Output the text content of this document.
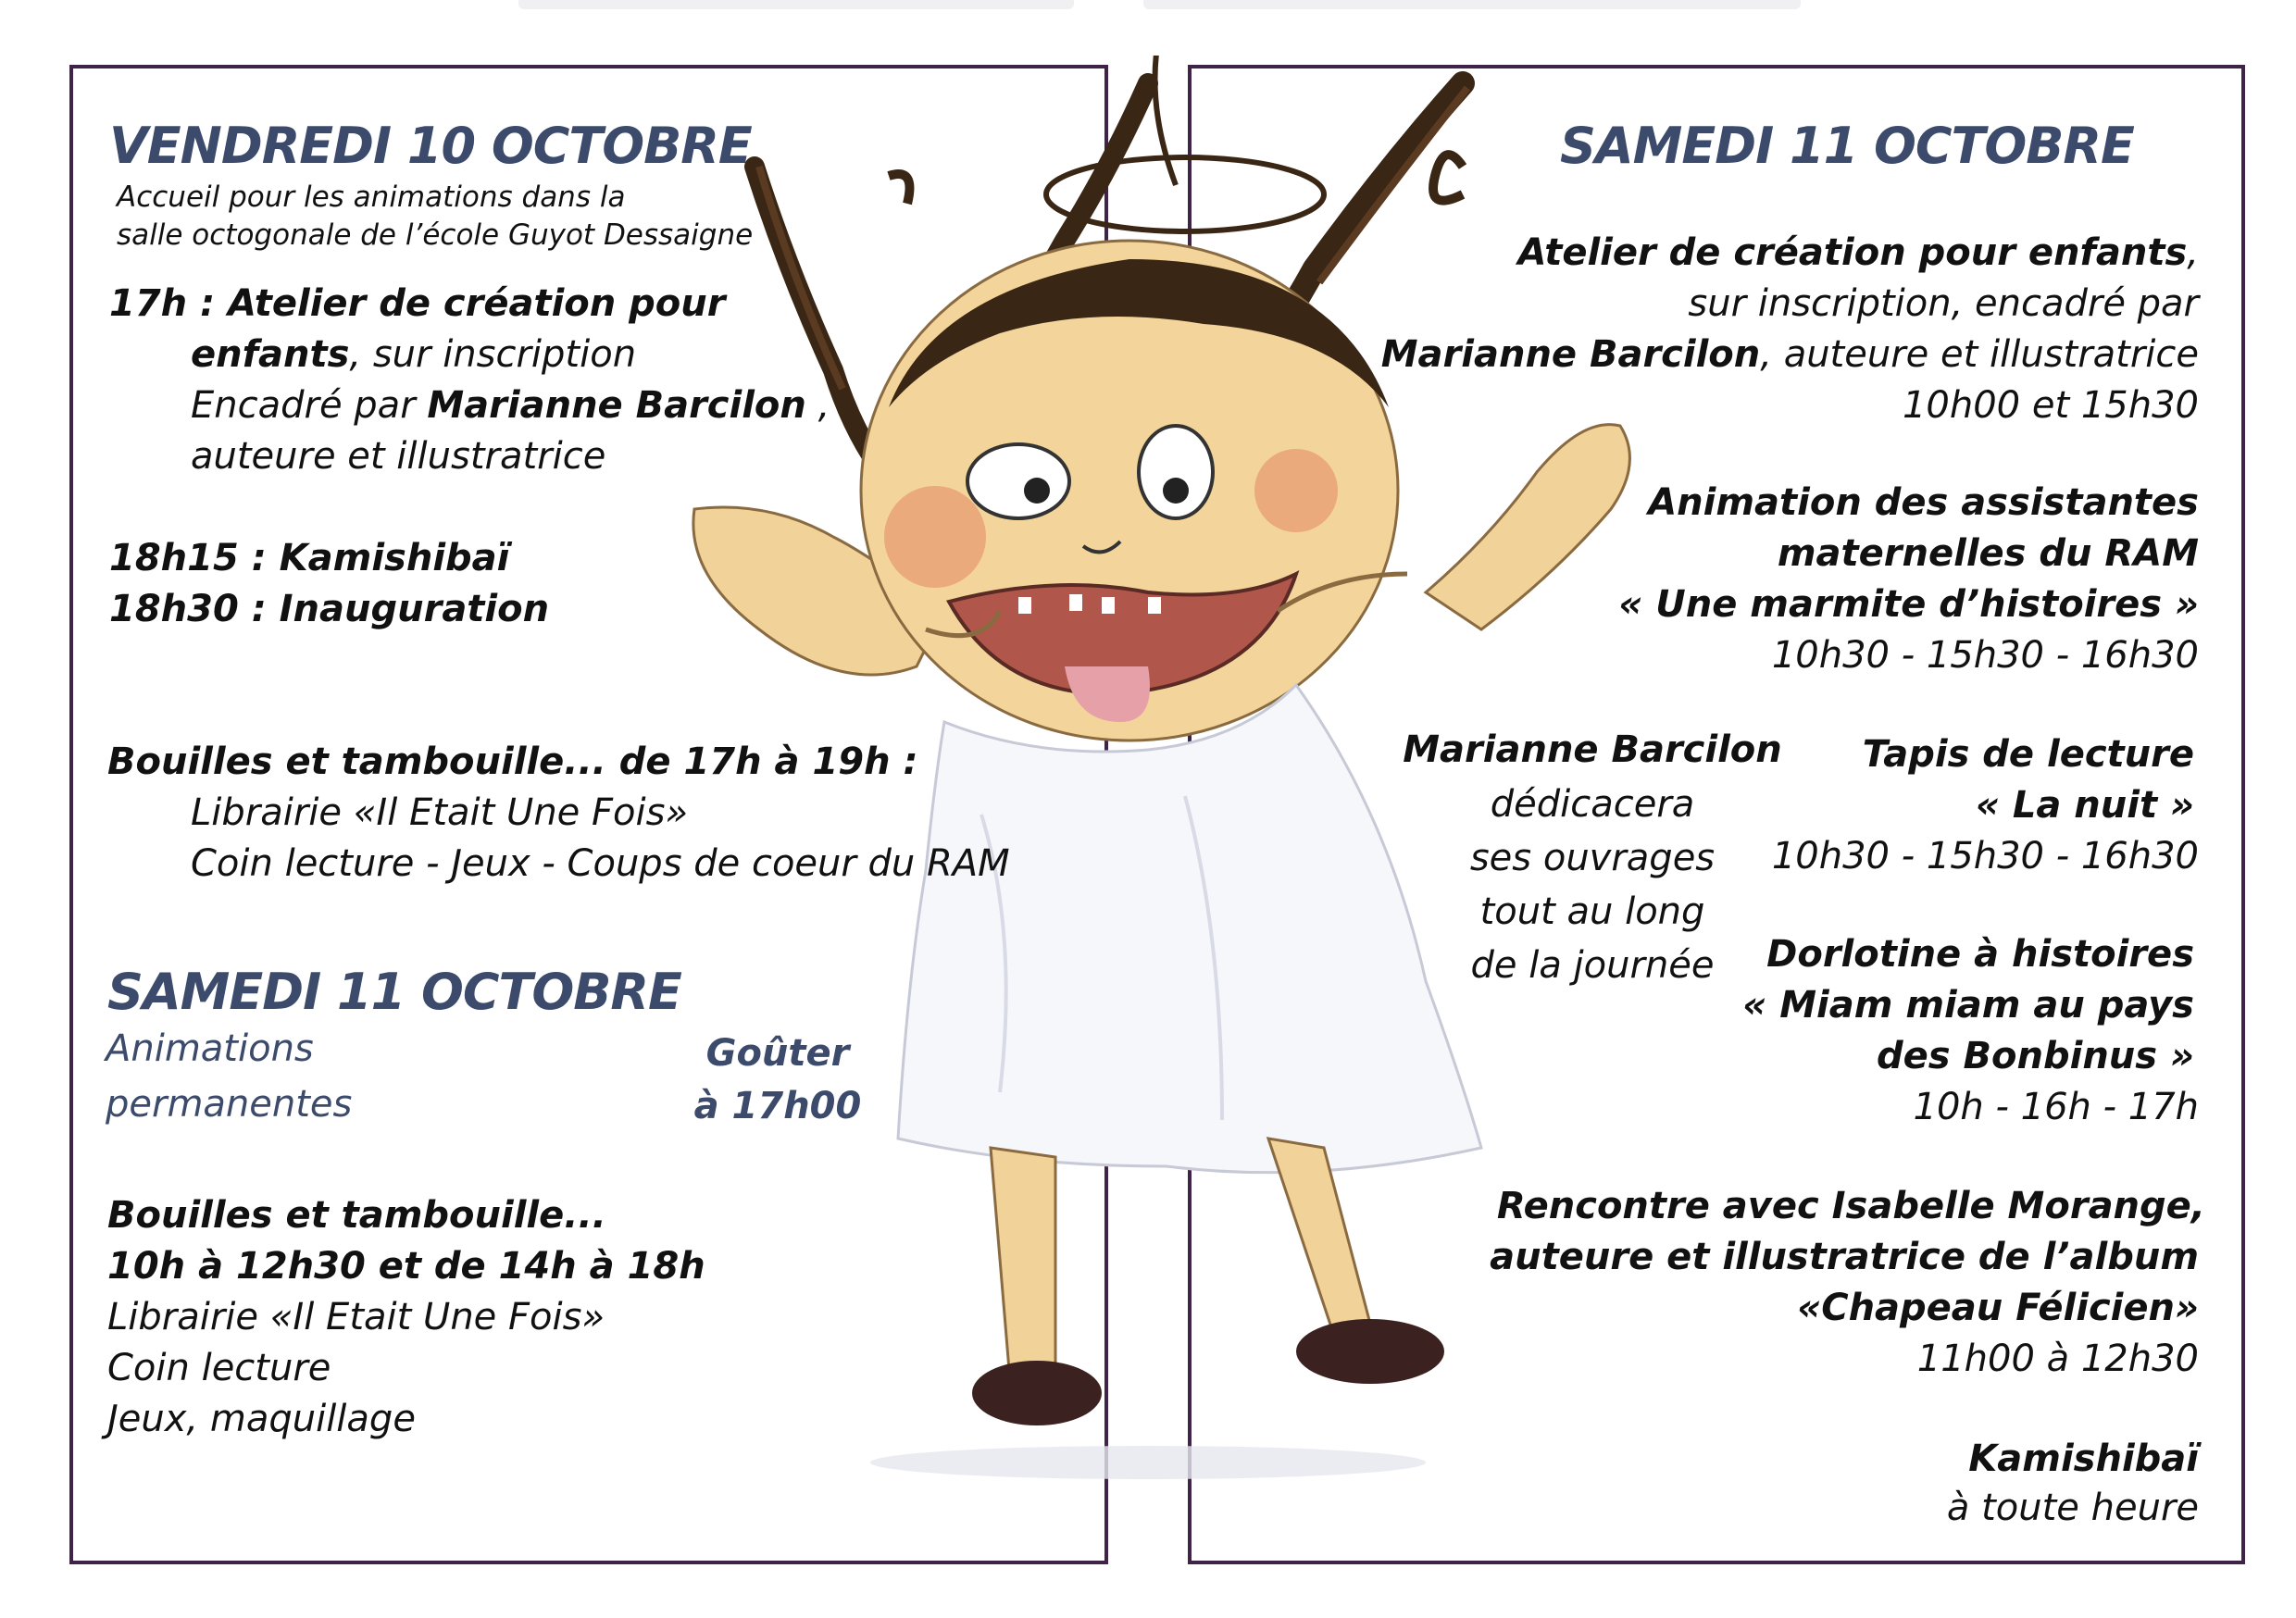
VENDREDI 10 OCTOBRE
Accueil pour les animations dans la
salle octogonale de l’école Guyot Dessaigne
17h : Atelier de création pour
enfants, sur inscription
Encadré par Marianne Barcilon ,
auteure et illustratrice
18h15 : Kamishibaï
18h30 : Inauguration
Bouilles et tambouille... de 17h à 19h :
Librairie «Il Etait Une Fois»
Coin lecture - Jeux - Coups de coeur du RAM
SAMEDI 11 OCTOBRE
Animations
permanentes
Goûter
à 17h00
Bouilles et tambouille...
10h à 12h30 et de 14h à 18h
Librairie «Il Etait Une Fois»
Coin lecture
Jeux, maquillage
SAMEDI 11 OCTOBRE
Atelier de création pour enfants,
sur inscription, encadré par
Marianne Barcilon, auteure et illustratrice
10h00 et 15h30
Animation des assistantes
maternelles du RAM
« Une marmite d’histoires »
10h30 - 15h30 - 16h30
Marianne Barcilon
dédicacera
ses ouvrages
tout au long
de la journée
Tapis de lecture
« La nuit »
10h30 - 15h30 - 16h30
Dorlotine à histoires
« Miam miam au pays
des Bonbinus »
10h - 16h - 17h
Rencontre avec Isabelle Morange,
auteure et illustratrice de l’album
«Chapeau Félicien»
11h00 à 12h30
Kamishibaï
à toute heure
